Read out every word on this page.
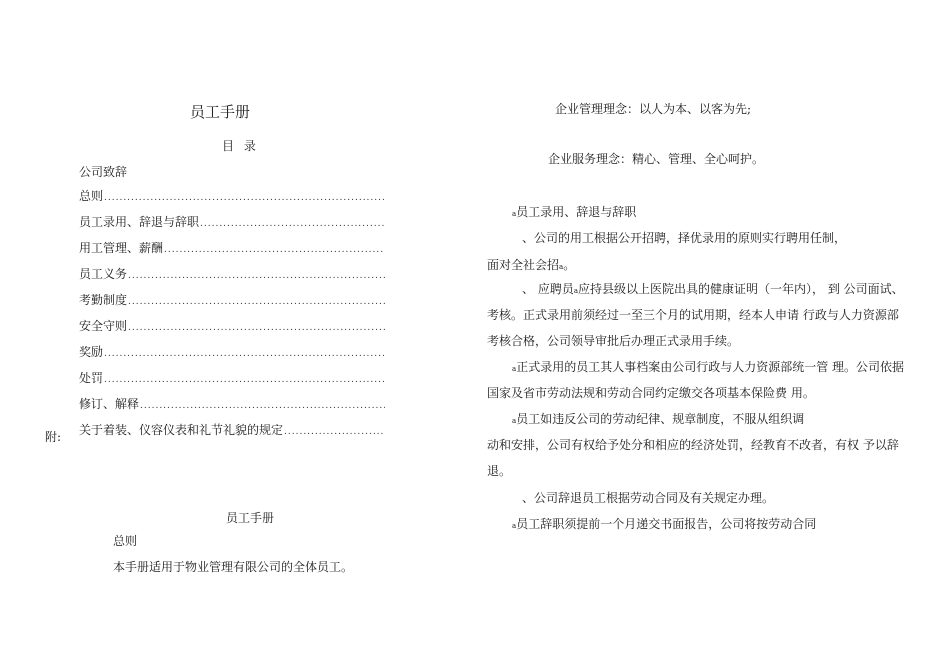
员工手册
目 录
公司致辞
总则
.....
员工录用、辞退与辞职
.....
用工管理、薪酬
.....
员工义务
.....
考勤制度
.....
安全守则
.....
奖励
.....
处罚
.....
修订、解释
.....
关于着装、仪容仪表和礼节礼貌的规定
.....
附:
员工手册
总则
本手册适用于物业管理有限公司的全体员工。
企业管理理念：以人为本、以客为先;
企业服务理念：精心、管理、全心呵护。
a员工录用、辞退与辞职
、公司的用工根据公开招聘，择优录用的原则实行聘用任制，
面对全社会招a。
、 应聘员a应持县级以上医院出具的健康证明（一年内）， 到 公司面试、
考核。正式录用前须经过一至三个月的试用期，经本人申请 行政与人力资源部
考核合格，公司领导审批后办理正式录用手续。
a正式录用的员工其人事档案由公司行政与人力资源部统一管 理。公司依据
国家及省市劳动法规和劳动合同约定缴交各项基本保险费 用。
a员工如违反公司的劳动纪律、规章制度，不服从组织调
动和安排，公司有权给予处分和相应的经济处罚，经教育不改者，有权 予以辞
退。
、公司辞退员工根据劳动合同及有关规定办理。
a员工辞职须提前一个月递交书面报告，公司将按劳动合同
